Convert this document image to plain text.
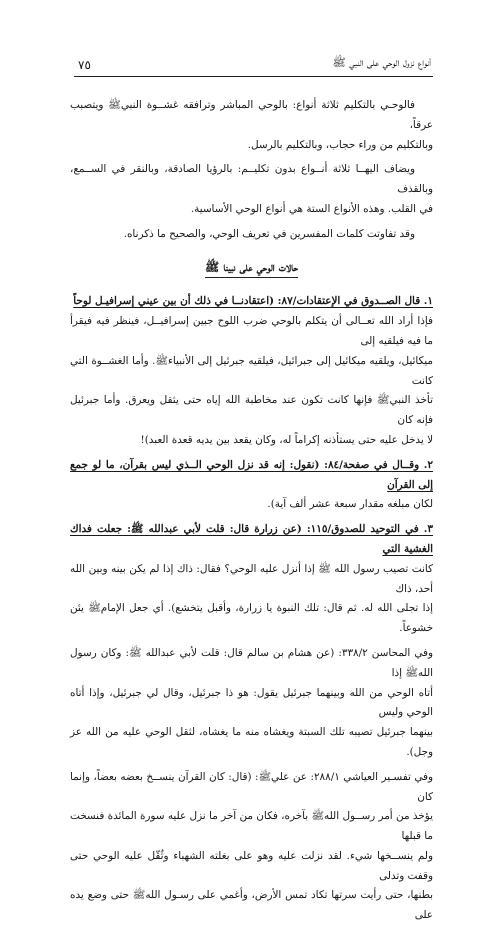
٧٥	أنواع نزول الوحي على النبي ﷺ

فالوحـي بالتكليم ثلاثة أنواع: بالوحي المباشر وترافقه غشــوة النبيﷺ ويتصبب عرقاً،

وبالتكليم من وراء حجاب، وبالتكليم بالرسل.

ويضاف اليهــا ثلاثة أنــواع بدون تكليــم: بالرؤيا الصادقة، وبالنقر في الســمع، وبالقذف

في القلب. وهذه الأنواع الستة هي أنواع الوحي الأساسية.

وقد تفاوتت كلمات المفسرين في تعريف الوحي، والصحيح ما ذكرناه.

حالات الوحي على نبينا ﷺ

١. قال الصــدوق في الإعتقادات/٨٧: (اعتقادنــا في ذلك أن بين عيني إسرافيـل لوحاً

فإذا أراد الله تعــالى أن يتكلم بالوحي ضرب اللوح جبين إسرافيــل، فينظر فيه فيقرأ ما فيه فيلقيه إلى

ميكائيل، ويلقيه ميكائيل إلى جبرائيل، فيلقيه جبرئيل إلى الأنبياءﷺ. وأما الغشــوة التي كانت

تأخذ النبيﷺ فإنها كانت تكون عند مخاطبة الله إياه حتى يثقل ويعرق. وأما جبرئيل فإنه كان

لا يدخل عليه حتى يستأذنه إكراماً له، وكان يقعد بين يديه قعدة العبد)!

٢. وقــال في صفحة/٨٤: (نقول: إنه قد نزل الوحي الــذي ليس بقرآن، ما لو جمع إلى القرآن

لكان مبلغه مقدار سبعة عشر ألف آية).

٣. في التوحيد للصدوق/١١٥: (عن زرارة قال: قلت لأبي عبدالله ﷺ: جعلت فداك الغشية التي

كانت تصيب رسول الله ﷺ إذا أنزل عليه الوحي؟ فقال: ذاك إذا لم يكن بينه وبين الله أحد، ذاك

إذا تجلى الله له. ثم قال: تلك النبوة يا زرارة، وأقبل يتخشع). أي جعل الإمامﷺ يئن خشوعاً.

وفي المحاسن ٣٣٨/٢: (عن هشام بن سالم قال: قلت لأبي عبدالله ﷺ: وكان رسول اللهﷺ إذا

أتاه الوحي من الله وبينهما جبرئيل يقول: هو ذا جبرئيل، وقال لي جبرئيل، وإذا أتاه الوحي وليس

بينهما جبرئيل تصيبه تلك السبتة ويغشاه منه ما يغشاه، لثقل الوحي عليه من الله عز وجل).

وفي تفسـير العياشي ٢٨٨/١: عن عليﷺ: (قال: كان القرآن ينســخ بعضه بعضاً، وإنما كان

يؤخذ من أمر رســول اللهﷺ بآخره، فكان من آخر ما نزل عليه سورة المائدة فنسخت ما قبلها

ولم ينســخها شيء. لقد نزلت عليه وهو على بغلته الشهباء وثُقّل عليه الوحي حتى وقفت وتدلى

بطنها، حتى رأيت سرتها تكاد تمس الأرض، وأغمي على رسـول اللهﷺ حتى وضع يده على
